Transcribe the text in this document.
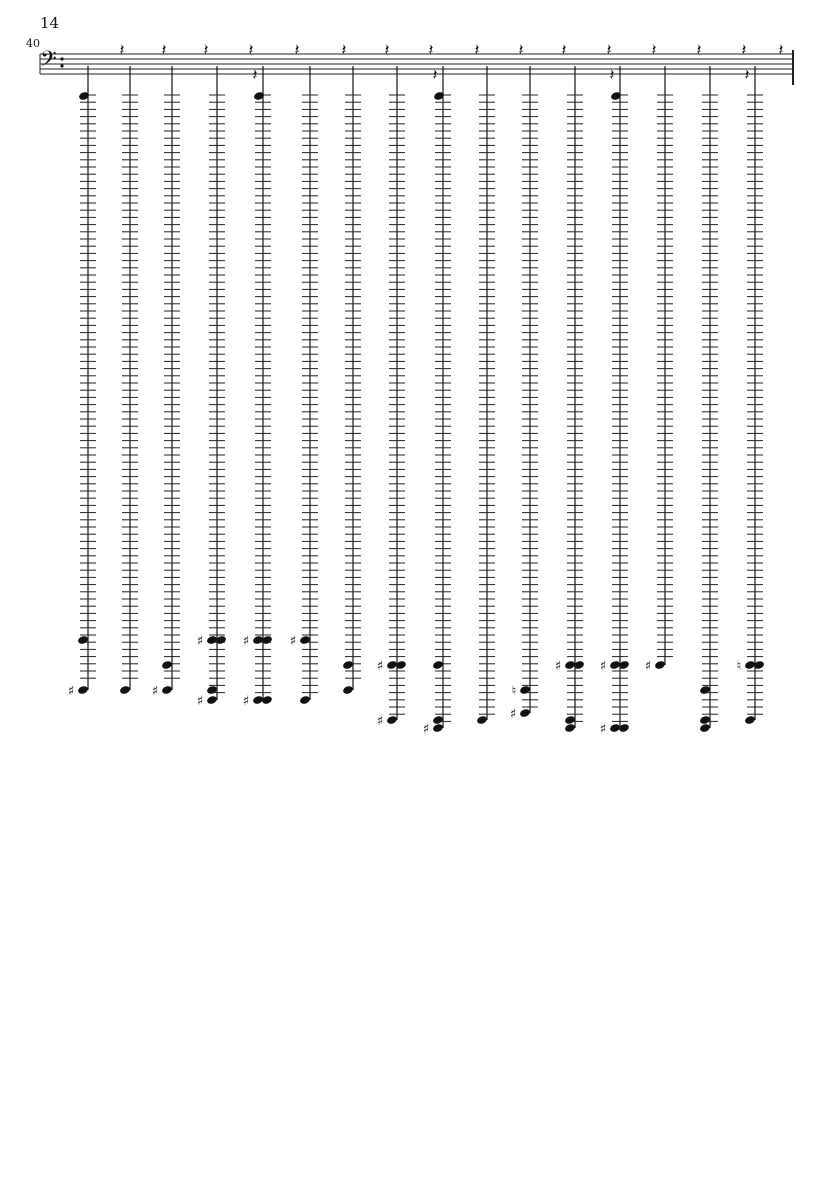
14
40
𝄢	𝄽
♯
𝄽 𝄽
♯
𝄽
♯
♯
𝄽
𝄽
♯
♯
𝄽
♯
𝄽 𝄽
♯
♯
𝄽
𝄽
♯
𝄽 𝄽
♮
♯
𝄽
♯
𝄽
𝄽
♯
♯
𝄽
♯
𝄽 𝄽
𝄽
♮
